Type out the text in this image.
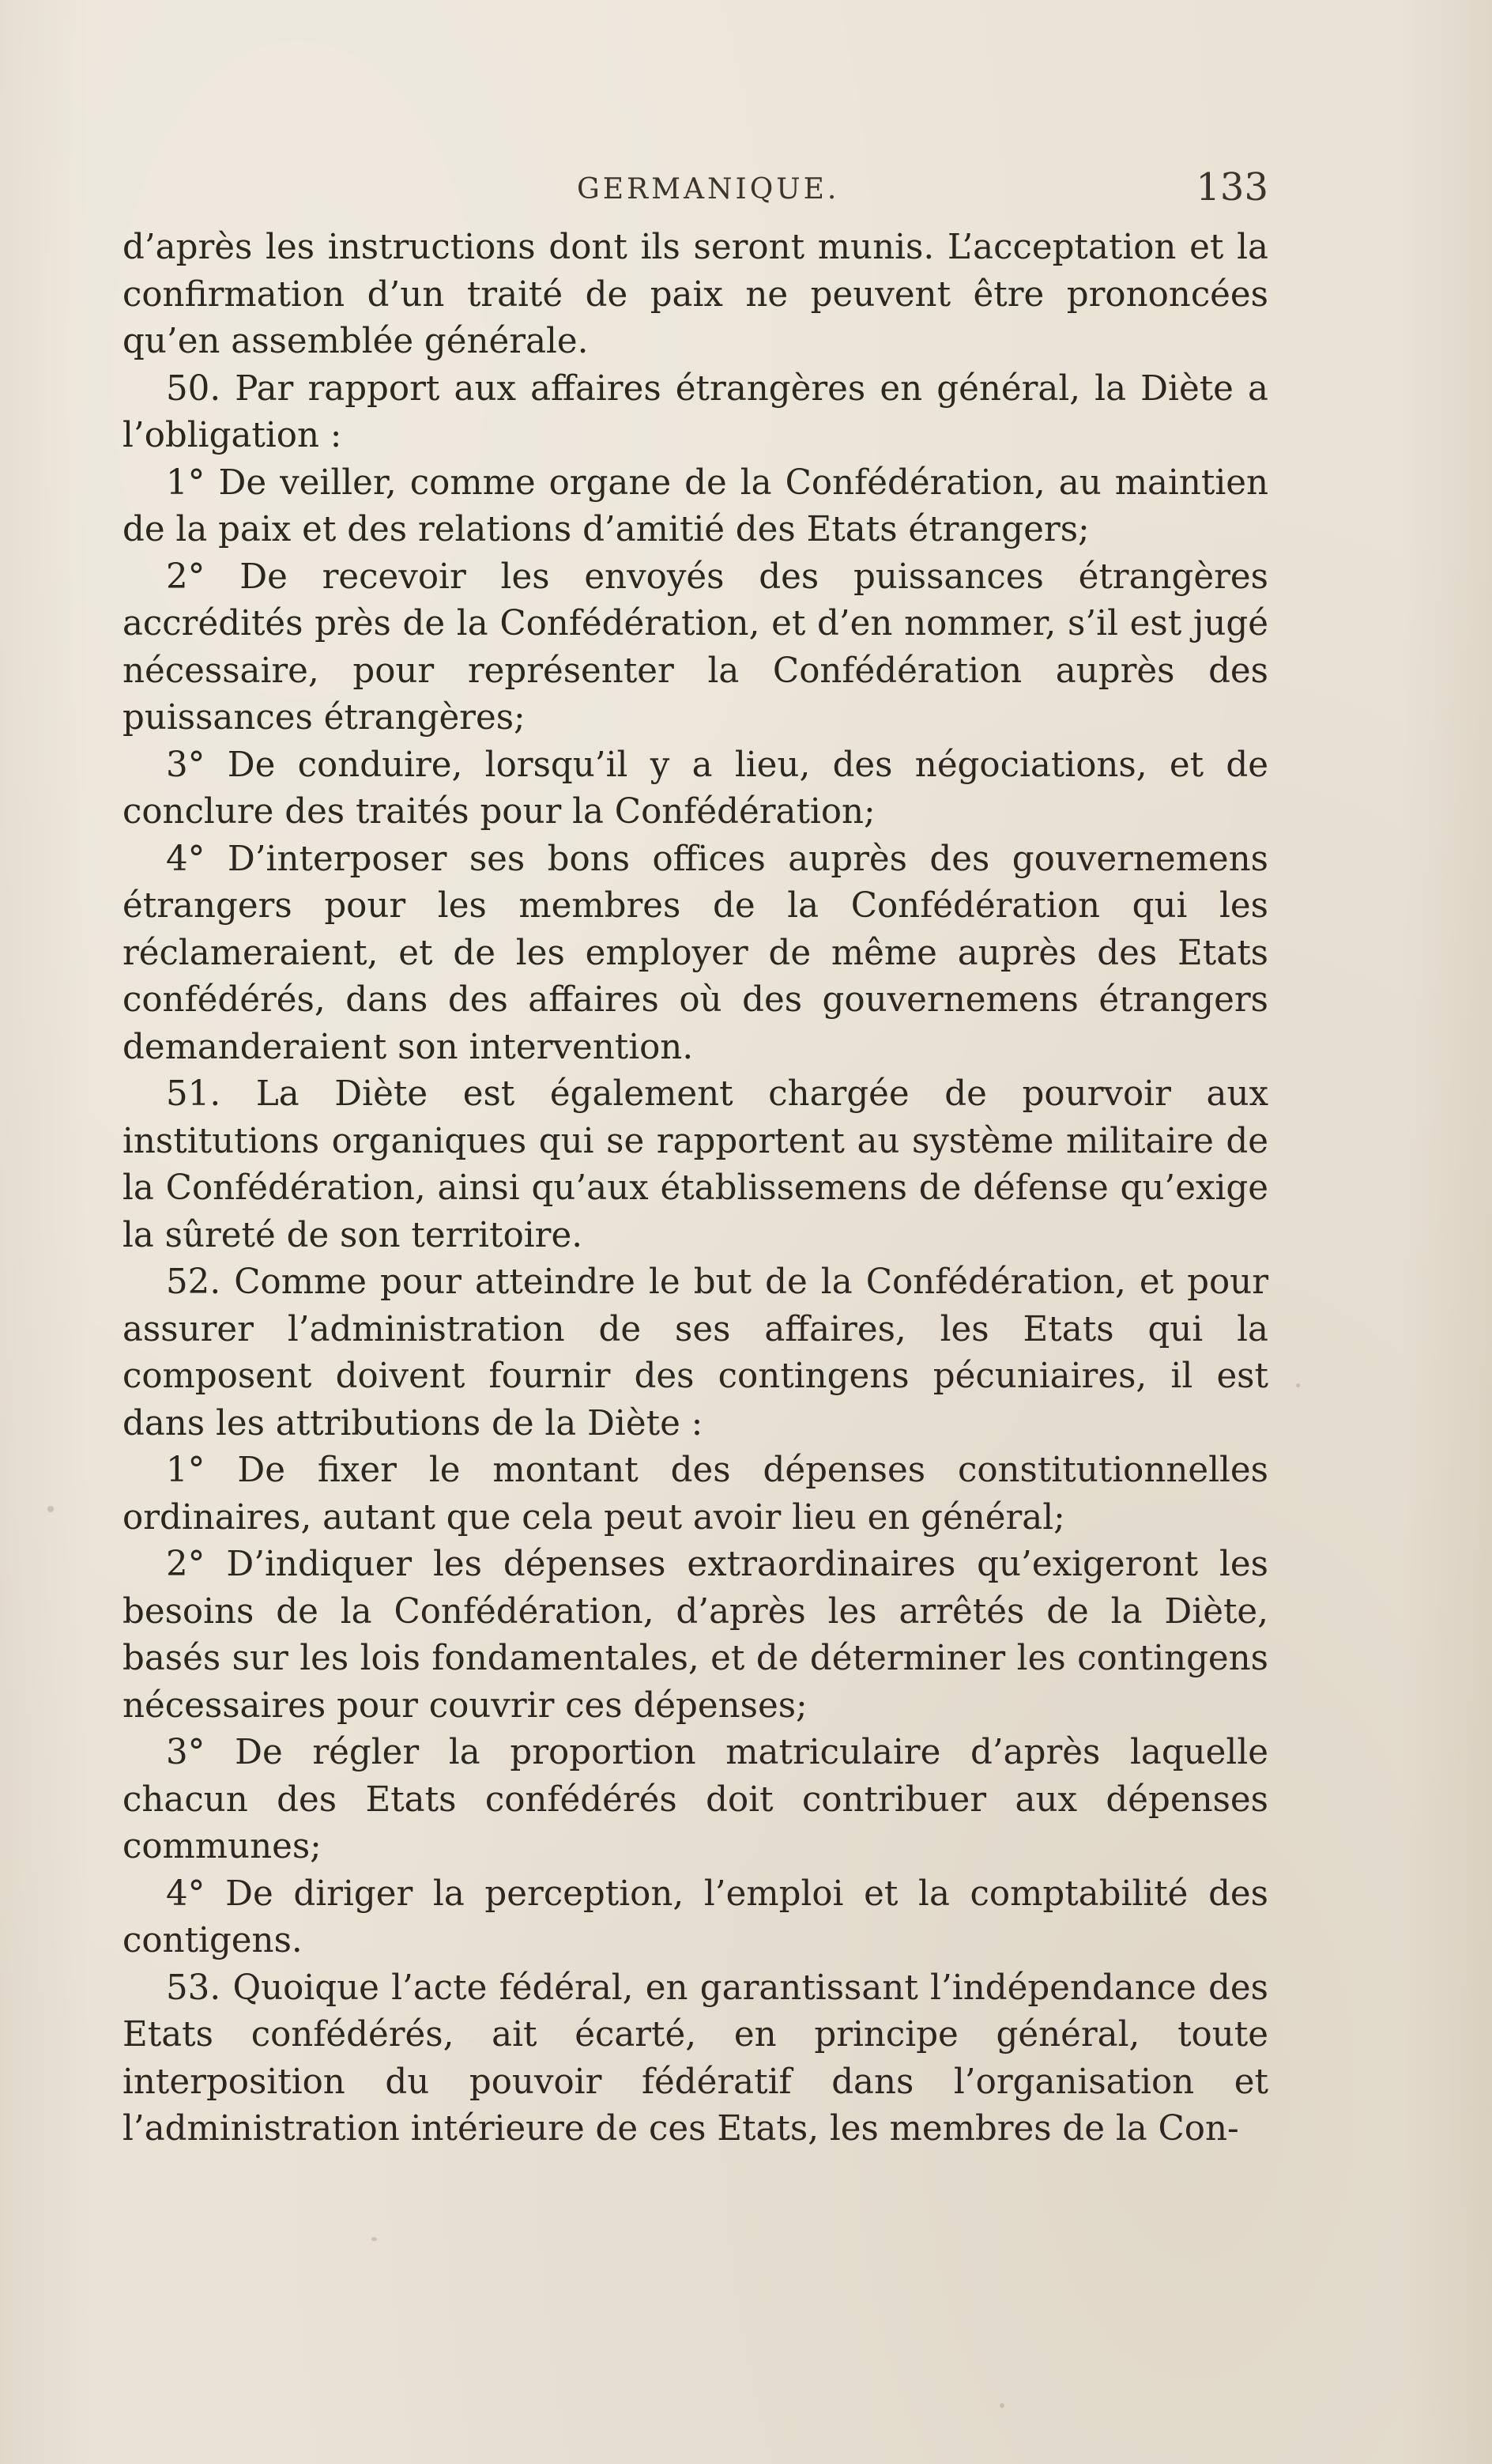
GERMANIQUE.	133

d’après les instructions dont ils seront munis. L’acceptation et la confirmation d’un traité de paix ne peuvent être prononcées qu’en assemblée générale.

50. Par rapport aux affaires étrangères en général, la Diète a l’obligation :

1° De veiller, comme organe de la Confédération, au maintien de la paix et des relations d’amitié des Etats étrangers;

2° De recevoir les envoyés des puissances étrangères accrédités près de la Confédération, et d’en nommer, s’il est jugé nécessaire, pour représenter la Confédération auprès des puissances étrangères;

3° De conduire, lorsqu’il y a lieu, des négociations, et de conclure des traités pour la Confédération;

4° D’interposer ses bons offices auprès des gouvernemens étrangers pour les membres de la Confédération qui les réclameraient, et de les employer de même auprès des Etats confédérés, dans des affaires où des gouvernemens étrangers demanderaient son intervention.

51. La Diète est également chargée de pourvoir aux institutions organiques qui se rapportent au système militaire de la Confédération, ainsi qu’aux établissemens de défense qu’exige la sûreté de son territoire.

52. Comme pour atteindre le but de la Confédération, et pour assurer l’administration de ses affaires, les Etats qui la composent doivent fournir des contingens pécuniaires, il est dans les attributions de la Diète :

1° De fixer le montant des dépenses constitutionnelles ordinaires, autant que cela peut avoir lieu en général;

2° D’indiquer les dépenses extraordinaires qu’exigeront les besoins de la Confédération, d’après les arrêtés de la Diète, basés sur les lois fondamentales, et de déterminer les contingens nécessaires pour couvrir ces dépenses;

3° De régler la proportion matriculaire d’après laquelle chacun des Etats confédérés doit contribuer aux dépenses communes;

4° De diriger la perception, l’emploi et la comptabilité des contigens.

53. Quoique l’acte fédéral, en garantissant l’indépendance des Etats confédérés, ait écarté, en principe général, toute interposition du pouvoir fédératif dans l’organisation et l’administration intérieure de ces Etats, les membres de la Con-
